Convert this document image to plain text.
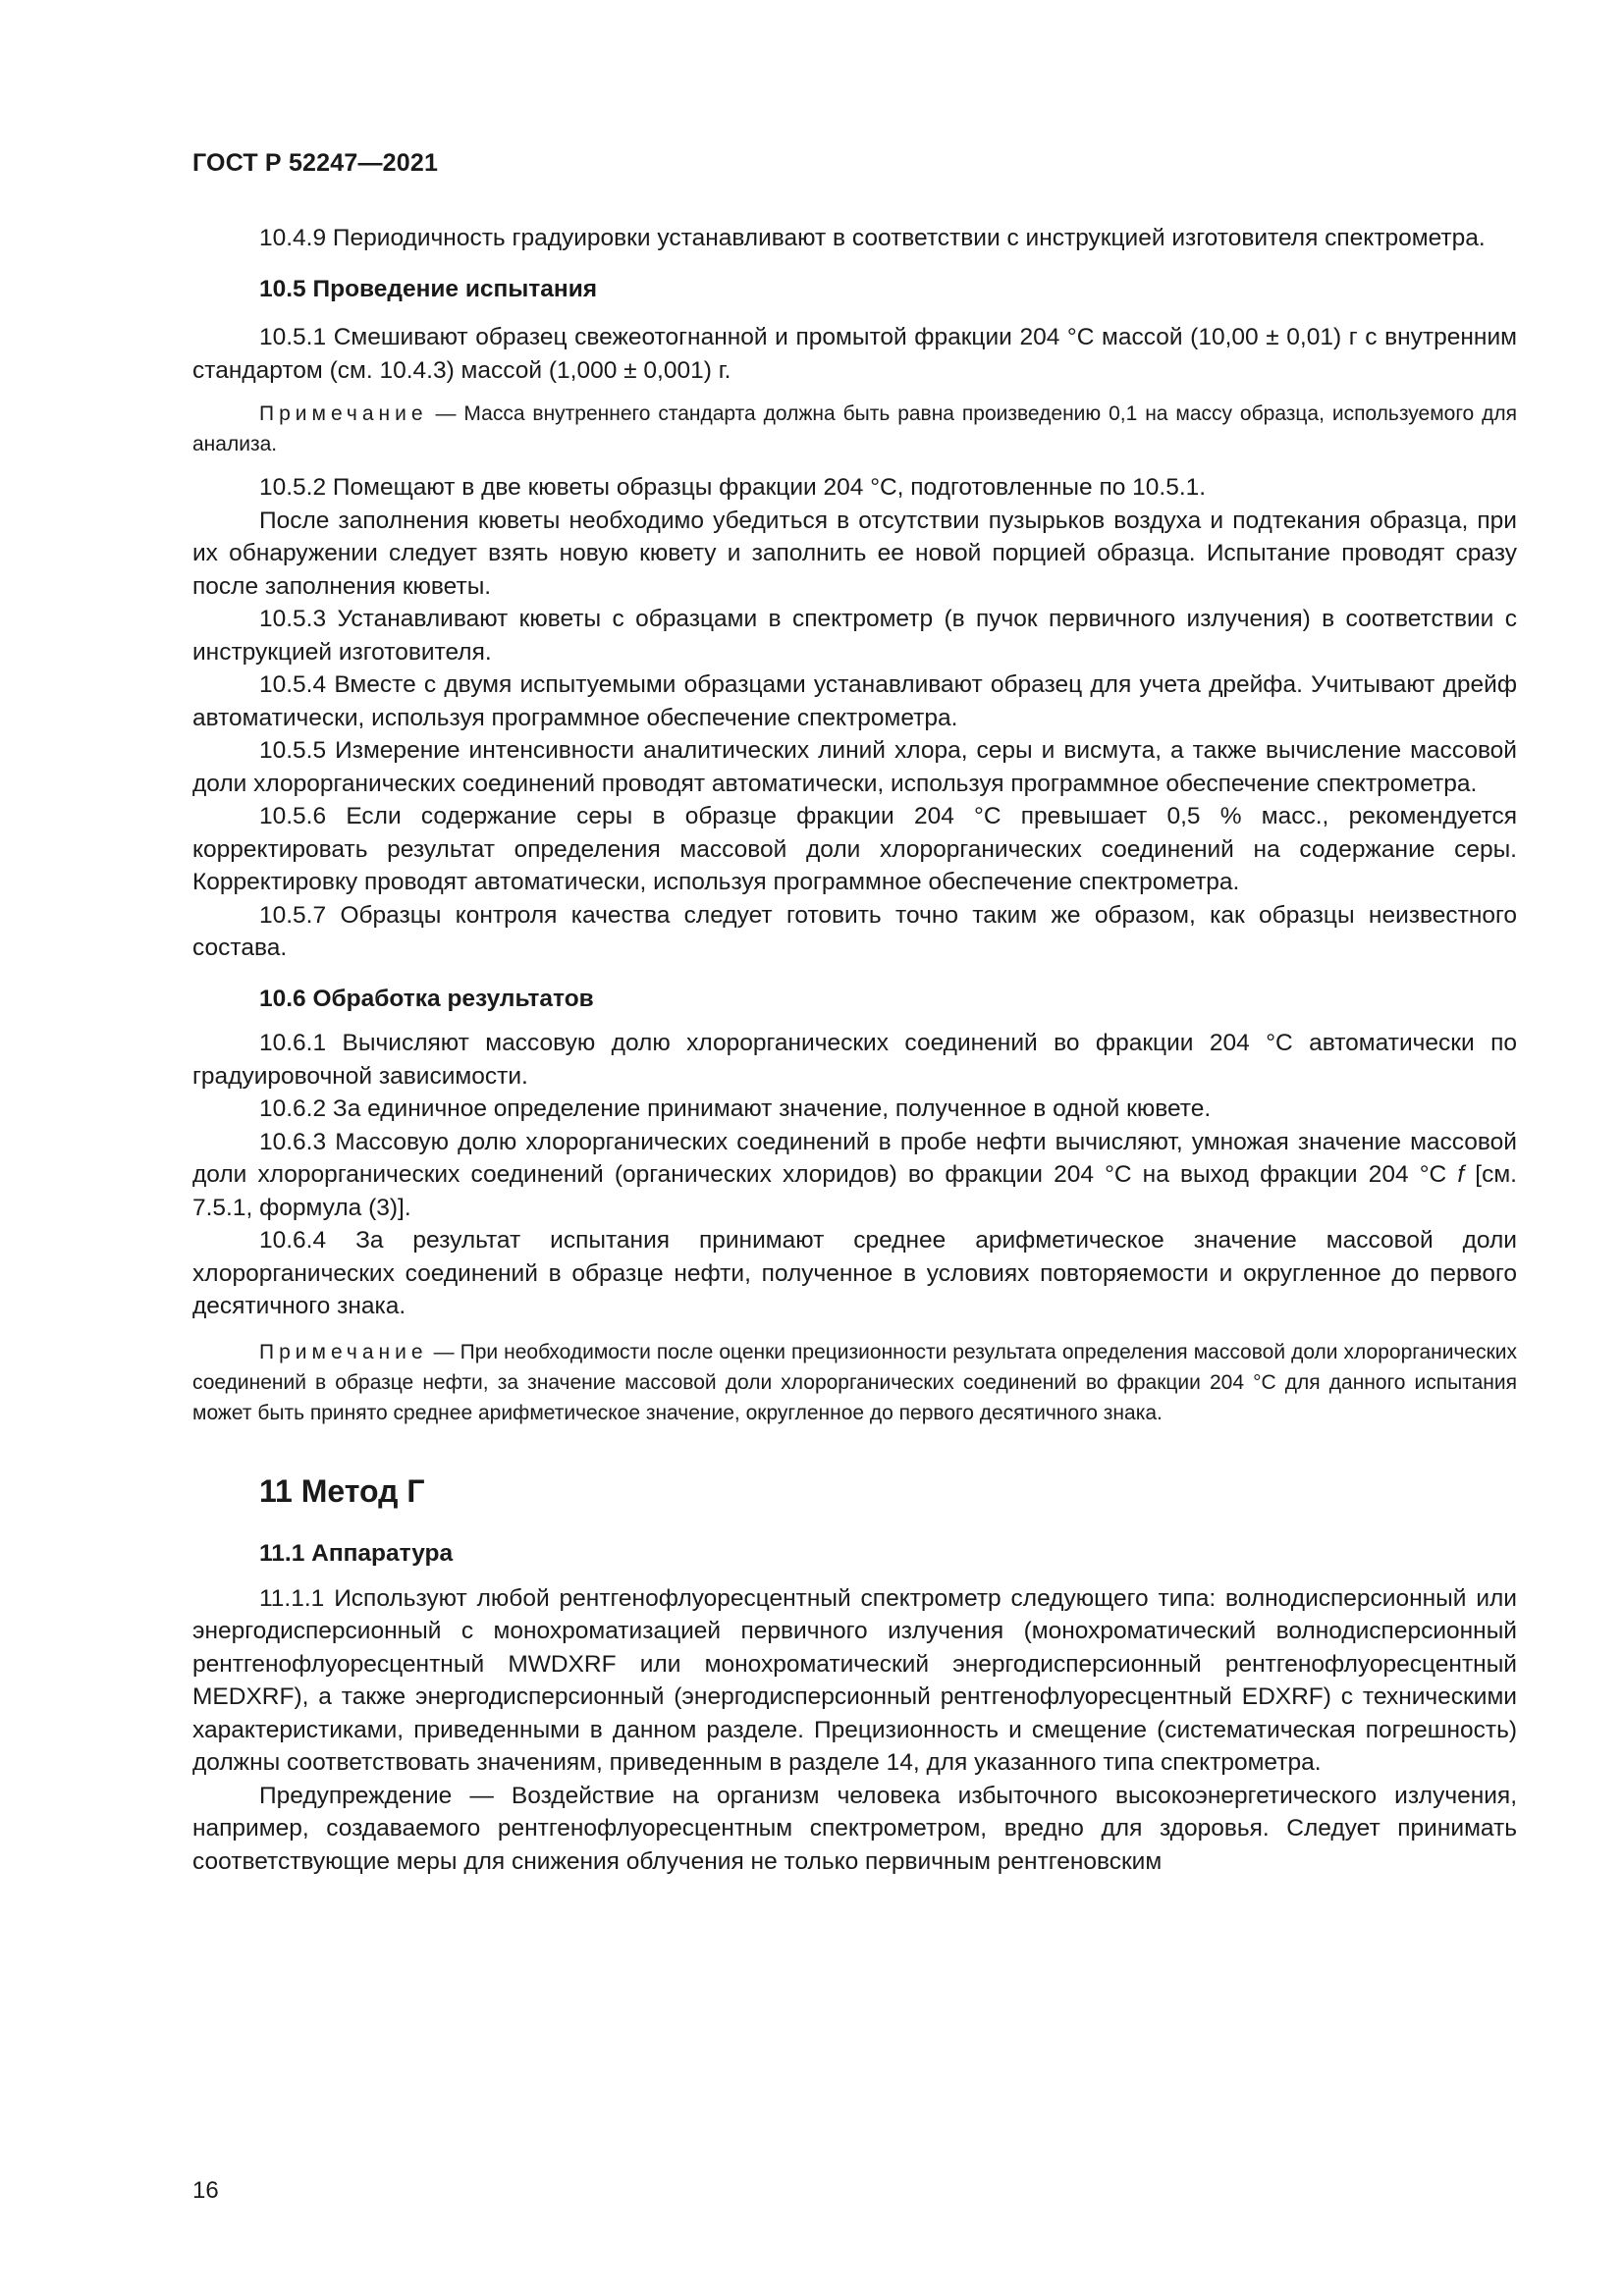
ГОСТ Р 52247—2021

10.4.9 Периодичность градуировки устанавливают в соответствии с инструкцией изготовителя спектрометра.

10.5 Проведение испытания

10.5.1 Смешивают образец свежеотогнанной и промытой фракции 204 °С массой (10,00 ± 0,01) г с внутренним стандартом (см. 10.4.3) массой (1,000 ± 0,001) г.

Примечание — Масса внутреннего стандарта должна быть равна произведению 0,1 на массу образца, используемого для анализа.

10.5.2 Помещают в две кюветы образцы фракции 204 °С, подготовленные по 10.5.1.

После заполнения кюветы необходимо убедиться в отсутствии пузырьков воздуха и подтекания образца, при их обнаружении следует взять новую кювету и заполнить ее новой порцией образца. Испытание проводят сразу после заполнения кюветы.

10.5.3 Устанавливают кюветы с образцами в спектрометр (в пучок первичного излучения) в соответствии с инструкцией изготовителя.

10.5.4 Вместе с двумя испытуемыми образцами устанавливают образец для учета дрейфа. Учитывают дрейф автоматически, используя программное обеспечение спектрометра.

10.5.5 Измерение интенсивности аналитических линий хлора, серы и висмута, а также вычисление массовой доли хлорорганических соединений проводят автоматически, используя программное обеспечение спектрометра.

10.5.6 Если содержание серы в образце фракции 204 °С превышает 0,5 % масс., рекомендуется корректировать результат определения массовой доли хлорорганических соединений на содержание серы. Корректировку проводят автоматически, используя программное обеспечение спектрометра.

10.5.7 Образцы контроля качества следует готовить точно таким же образом, как образцы неизвестного состава.

10.6 Обработка результатов

10.6.1 Вычисляют массовую долю хлорорганических соединений во фракции 204 °С автоматически по градуировочной зависимости.

10.6.2 За единичное определение принимают значение, полученное в одной кювете.

10.6.3 Массовую долю хлорорганических соединений в пробе нефти вычисляют, умножая значение массовой доли хлорорганических соединений (органических хлоридов) во фракции 204 °С на выход фракции 204 °С f [см. 7.5.1, формула (3)].

10.6.4 За результат испытания принимают среднее арифметическое значение массовой доли хлорорганических соединений в образце нефти, полученное в условиях повторяемости и округленное до первого десятичного знака.

Примечание — При необходимости после оценки прецизионности результата определения массовой доли хлорорганических соединений в образце нефти, за значение массовой доли хлорорганических соединений во фракции 204 °С для данного испытания может быть принято среднее арифметическое значение, округленное до первого десятичного знака.

11 Метод Г

11.1 Аппаратура

11.1.1 Используют любой рентгенофлуоресцентный спектрометр следующего типа: волнодисперсионный или энергодисперсионный с монохроматизацией первичного излучения (монохроматический волнодисперсионный рентгенофлуоресцентный MWDXRF или монохроматический энергодисперсионный рентгенофлуоресцентный MEDXRF), а также энергодисперсионный (энергодисперсионный рентгенофлуоресцентный EDXRF) с техническими характеристиками, приведенными в данном разделе. Прецизионность и смещение (систематическая погрешность) должны соответствовать значениям, приведенным в разделе 14, для указанного типа спектрометра.

Предупреждение — Воздействие на организм человека избыточного высокоэнергетического излучения, например, создаваемого рентгенофлуоресцентным спектрометром, вредно для здоровья. Следует принимать соответствующие меры для снижения облучения не только первичным рентгеновским

16
